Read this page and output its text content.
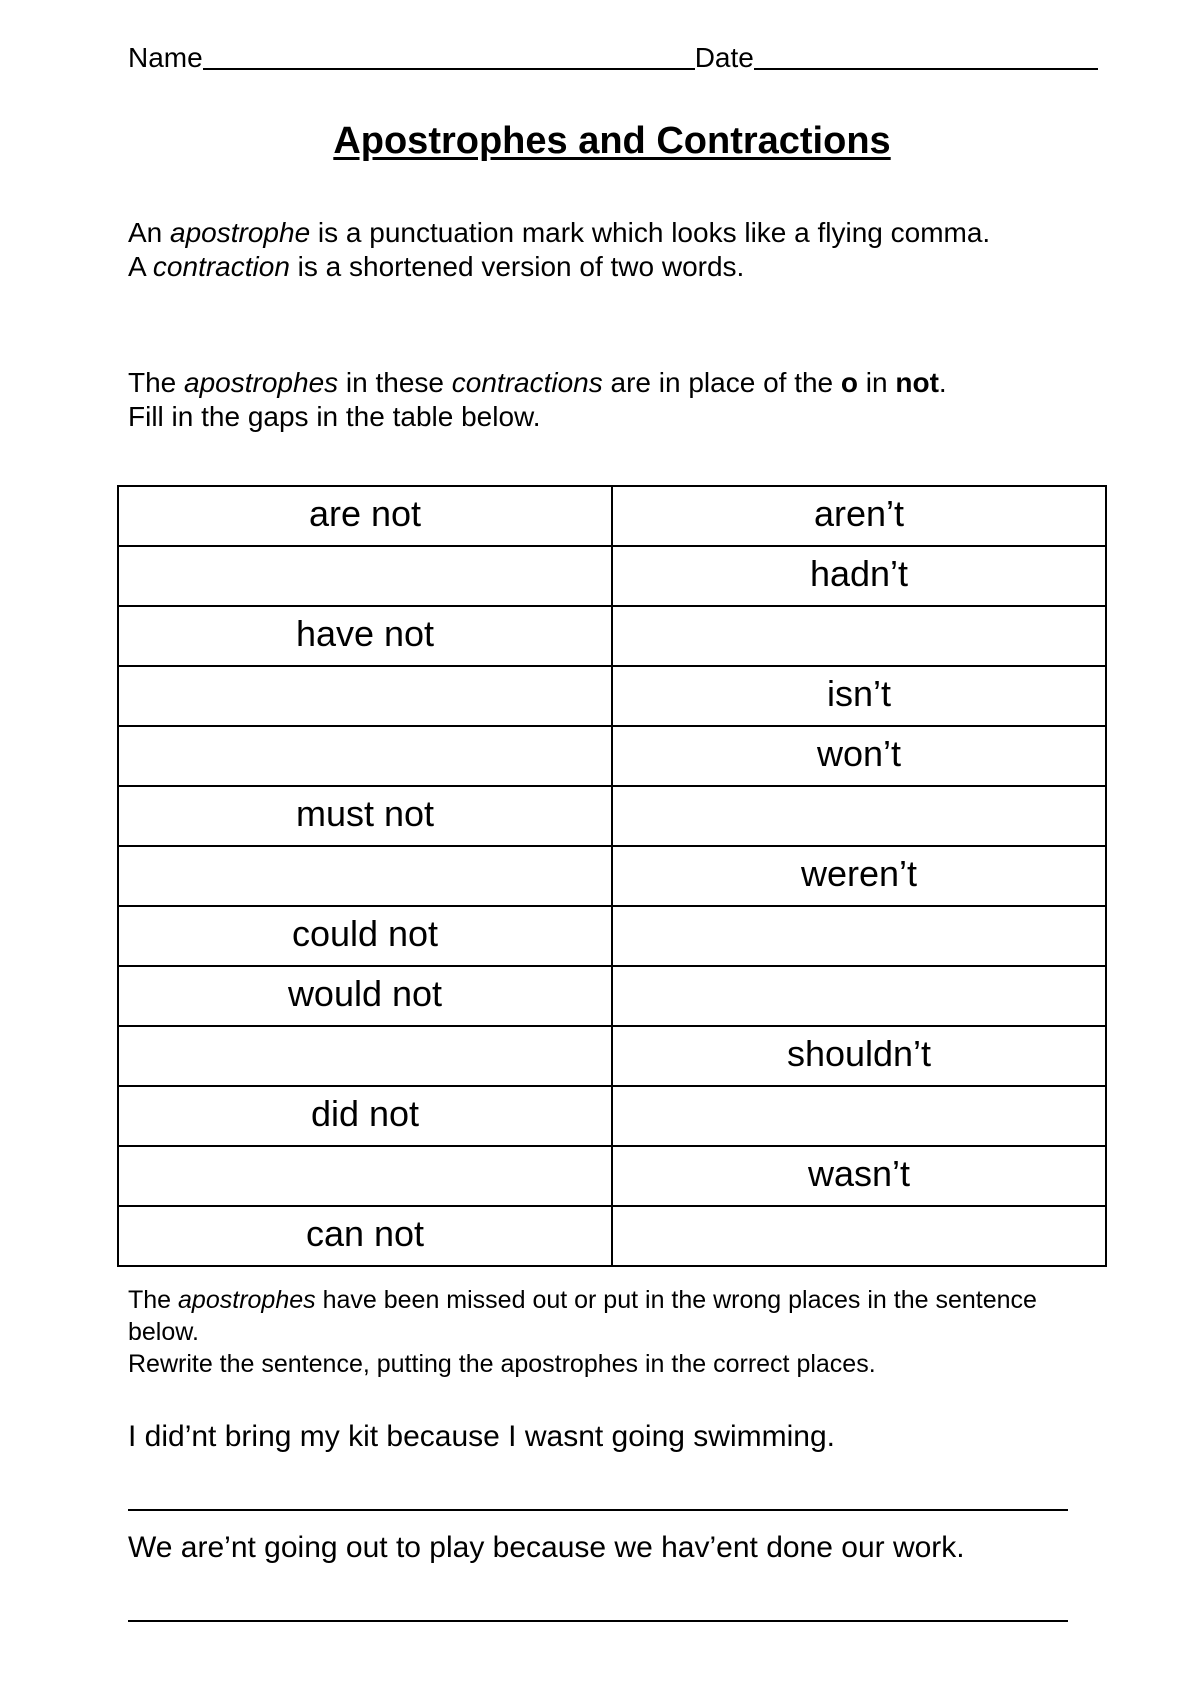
Name	Date
Apostrophes and Contractions

An apostrophe is a punctuation mark which looks like a flying comma.
A contraction is a shortened version of two words.

The apostrophes in these contractions are in place of the o in not.
Fill in the gaps in the table below.

are not	aren’t
	hadn’t
have not	
	isn’t
	won’t
must not	
	weren’t
could not	
would not	
	shouldn’t
did not	
	wasn’t
can not	

The apostrophes have been missed out or put in the wrong places in the sentence below.
Rewrite the sentence, putting the apostrophes in the correct places.

I did’nt bring my kit because I wasnt going swimming.

We are’nt going out to play because we hav’ent done our work.
